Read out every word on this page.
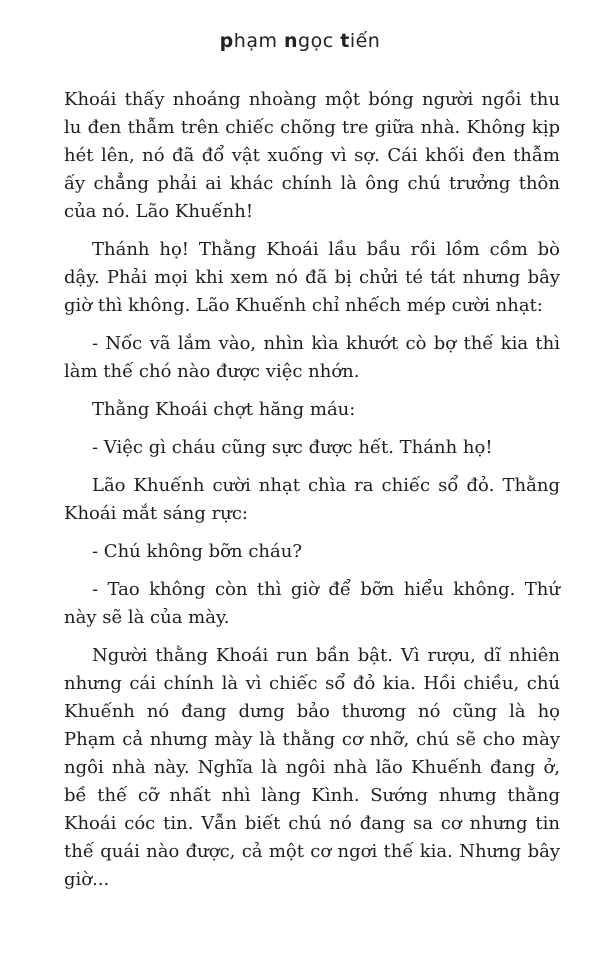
phạm ngọc tiến

Khoái thấy nhoáng nhoàng một bóng người ngồi thu lu đen thẫm trên chiếc chõng tre giữa nhà. Không kịp hét lên, nó đã đổ vật xuống vì sợ. Cái khối đen thẫm ấy chẳng phải ai khác chính là ông chú trưởng thôn của nó. Lão Khuếnh!

Thánh họ! Thằng Khoái lầu bầu rồi lồm cồm bò dậy. Phải mọi khi xem nó đã bị chửi té tát nhưng bây giờ thì không. Lão Khuếnh chỉ nhếch mép cười nhạt:

- Nốc vã lắm vào, nhìn kìa khướt cò bợ thế kia thì làm thế chó nào được việc nhớn.

Thằng Khoái chợt hăng máu:

- Việc gì cháu cũng sực được hết. Thánh họ!

Lão Khuếnh cười nhạt chìa ra chiếc sổ đỏ. Thằng Khoái mắt sáng rực:

- Chú không bỡn cháu?

- Tao không còn thì giờ để bỡn hiểu không. Thứ này sẽ là của mày.

Người thằng Khoái run bần bật. Vì rượu, dĩ nhiên nhưng cái chính là vì chiếc sổ đỏ kia. Hồi chiều, chú Khuếnh nó đang dưng bảo thương nó cũng là họ Phạm cả nhưng mày là thằng cơ nhỡ, chú sẽ cho mày ngôi nhà này. Nghĩa là ngôi nhà lão Khuếnh đang ở, bề thế cỡ nhất nhì làng Kình. Sướng nhưng thằng Khoái cóc tin. Vẫn biết chú nó đang sa cơ nhưng tin thế quái nào được, cả một cơ ngơi thế kia. Nhưng bây giờ...
